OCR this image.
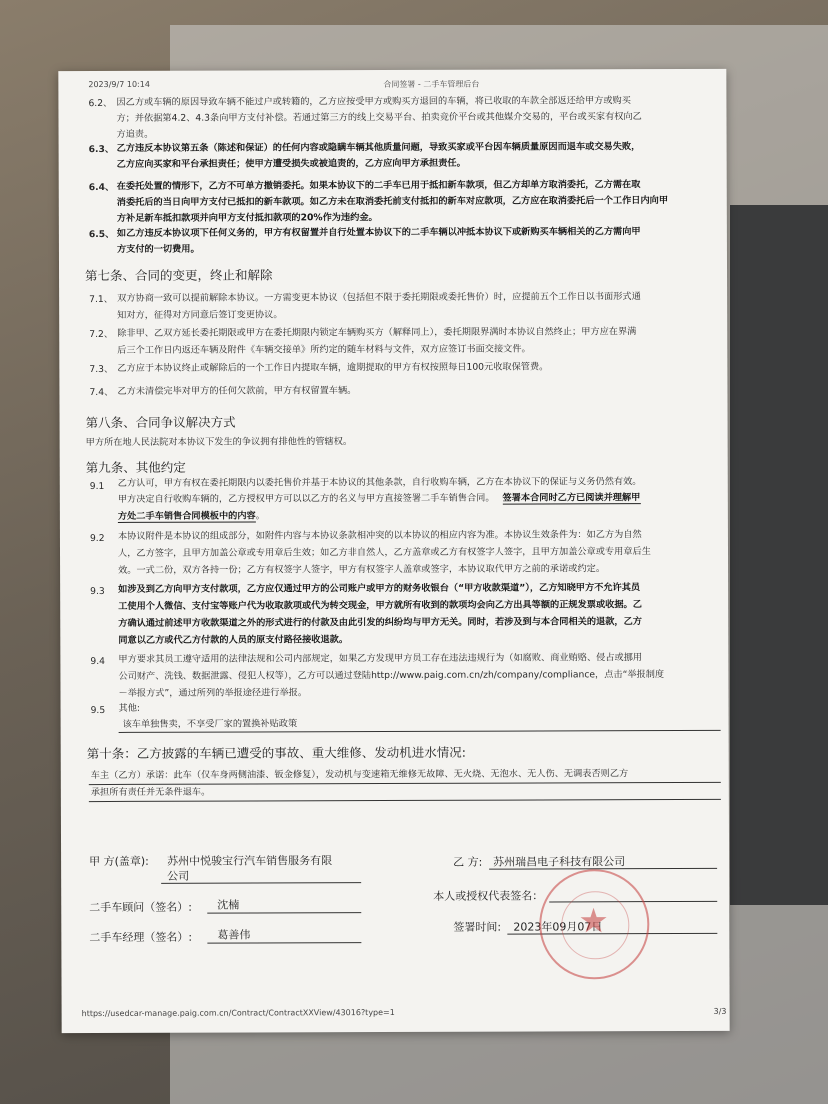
2023/9/7 10:14	合同签署 - 二手车管理后台
6.2、 因乙方或车辆的原因导致车辆不能过户或转籍的，乙方应按受甲方或购买方退回的车辆，将已收取的车款全部返还给甲方或购买
方；并依据第4.2、4.3条向甲方支付补偿。若通过第三方的线上交易平台、拍卖竞价平台或其他媒介交易的，平台或买家有权向乙
方追责。
6.3、 乙方违反本协议第五条（陈述和保证）的任何内容或隐瞒车辆其他质量问题，导致买家或平台因车辆质量原因而退车或交易失败，
乙方应向买家和平台承担责任；使甲方遭受损失或被追责的，乙方应向甲方承担责任。
6.4、 在委托处置的情形下，乙方不可单方撤销委托。如果本协议下的二手车已用于抵扣新车款项，但乙方却单方取消委托，乙方需在取
消委托后的当日向甲方支付已抵扣的新车款项。如乙方未在取消委托前支付抵扣的新车对应款项，乙方应在取消委托后一个工作日内向甲
方补足新车抵扣款项并向甲方支付抵扣款项的20%作为违约金。
6.5、 如乙方违反本协议项下任何义务的，甲方有权留置并自行处置本协议下的二手车辆以冲抵本协议下或新购买车辆相关的乙方需向甲
方支付的一切费用。
第七条、合同的变更，终止和解除
7.1、 双方协商一致可以提前解除本协议。一方需变更本协议（包括但不限于委托期限或委托售价）时，应提前五个工作日以书面形式通
知对方，征得对方同意后签订变更协议。
7.2、 除非甲、乙双方延长委托期限或甲方在委托期限内锁定车辆购买方（解释同上），委托期限界满时本协议自然终止；甲方应在界满
后三个工作日内返还车辆及附件《车辆交接单》所约定的随车材料与文件，双方应签订书面交接文件。
7.3、 乙方应于本协议终止或解除后的一个工作日内提取车辆，逾期提取的甲方有权按照每日100元收取保管费。
7.4、 乙方未清偿完毕对甲方的任何欠款前，甲方有权留置车辆。
第八条、合同争议解决方式
甲方所在地人民法院对本协议下发生的争议拥有排他性的管辖权。
第九条、其他约定
9.1 乙方认可，甲方有权在委托期限内以委托售价并基于本协议的其他条款，自行收购车辆，乙方在本协议下的保证与义务仍然有效。
甲方决定自行收购车辆的，乙方授权甲方可以以乙方的名义与甲方直接签署二手车销售合同。 签署本合同时乙方已阅读并理解甲
方处二手车销售合同模板中的内容。
9.2 本协议附件是本协议的组成部分，如附件内容与本协议条款相冲突的以本协议的相应内容为准。本协议生效条件为：如乙方为自然
人，乙方签字，且甲方加盖公章或专用章后生效；如乙方非自然人，乙方盖章或乙方有权签字人签字，且甲方加盖公章或专用章后生
效。一式二份，双方各持一份；乙方有权签字人签字，甲方有权签字人盖章或签字，本协议取代甲方之前的承诺或约定。
9.3 如涉及到乙方向甲方支付款项，乙方应仅通过甲方的公司账户或甲方的财务收银台（“甲方收款渠道”），乙方知晓甲方不允许其员
工使用个人微信、支付宝等账户代为收取款项或代为转交现金，甲方就所有收到的款项均会向乙方出具等额的正规发票或收据。乙
方确认通过前述甲方收款渠道之外的形式进行的付款及由此引发的纠纷均与甲方无关。同时，若涉及到与本合同相关的退款，乙方
同意以乙方或代乙方付款的人员的原支付路径接收退款。
9.4 甲方要求其员工遵守适用的法律法规和公司内部规定，如果乙方发现甲方员工存在违法违规行为（如腐败、商业贿赂、侵占或挪用
公司财产、洗钱、数据泄露、侵犯人权等），乙方可以通过登陆http://www.paig.com.cn/zh/company/compliance，点击“举报制度
－举报方式”，通过所列的举报途径进行举报。
9.5 其他:
该车单独售卖，不享受厂家的置换补贴政策
第十条：乙方披露的车辆已遭受的事故、重大维修、发动机进水情况:
车主（乙方）承诺：此车（仅车身两侧油漆、钣金修复），发动机与变速箱无维修无故障、无火烧、无泡水、无人伤、无调表否则乙方
承担所有责任并无条件退车。
甲 方(盖章): 苏州中悦骏宝行汽车销售服务有限
公司
二手车顾问（签名）: 沈楠
二手车经理（签名）: 葛善伟
乙 方: 苏州瑞昌电子科技有限公司
本人或授权代表签名：
签署时间: 2023年09月07日
★
https://usedcar-manage.paig.com.cn/Contract/ContractXXView/43016?type=1	3/3
